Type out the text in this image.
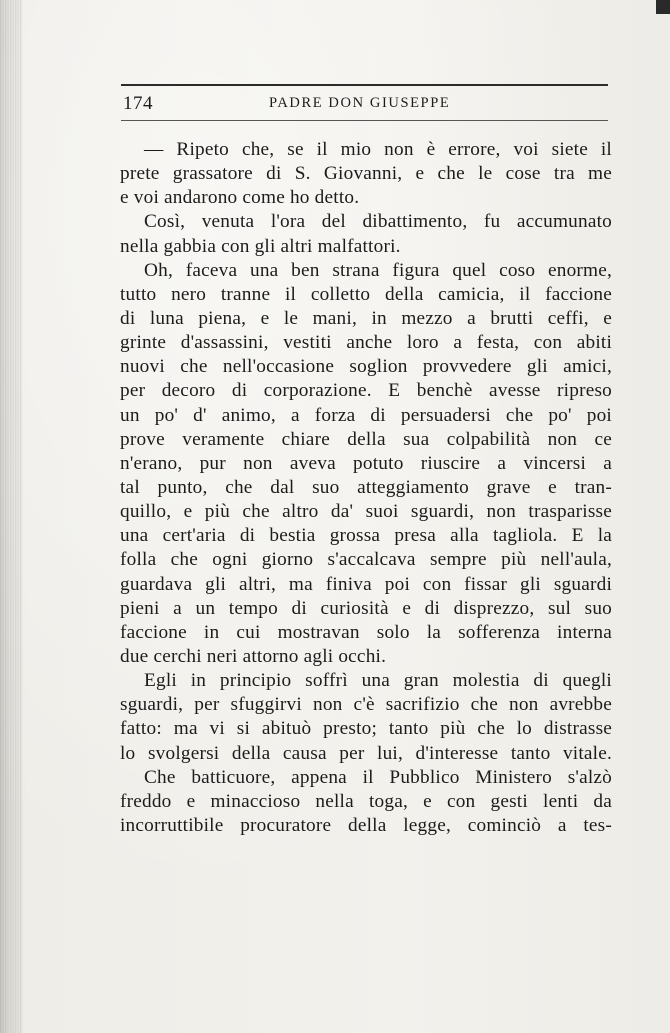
174	PADRE DON GIUSEPPE
— Ripeto che, se il mio non è errore, voi siete il
prete grassatore di S. Giovanni, e che le cose tra me
e voi andarono come ho detto.
Così, venuta l'ora del dibattimento, fu accumunato
nella gabbia con gli altri malfattori.
Oh, faceva una ben strana figura quel coso enorme,
tutto nero tranne il colletto della camicia, il faccione
di luna piena, e le mani, in mezzo a brutti ceffi, e
grinte d'assassini, vestiti anche loro a festa, con abiti
nuovi che nell'occasione soglion provvedere gli amici,
per decoro di corporazione. E benchè avesse ripreso
un po' d' animo, a forza di persuadersi che po' poi
prove veramente chiare della sua colpabilità non ce
n'erano, pur non aveva potuto riuscire a vincersi a
tal punto, che dal suo atteggiamento grave e tran-
quillo, e più che altro da' suoi sguardi, non trasparisse
una cert'aria di bestia grossa presa alla tagliola. E la
folla che ogni giorno s'accalcava sempre più nell'aula,
guardava gli altri, ma finiva poi con fissar gli sguardi
pieni a un tempo di curiosità e di disprezzo, sul suo
faccione in cui mostravan solo la sofferenza interna
due cerchi neri attorno agli occhi.
Egli in principio soffrì una gran molestia di quegli
sguardi, per sfuggirvi non c'è sacrifizio che non avrebbe
fatto: ma vi si abituò presto; tanto più che lo distrasse
lo svolgersi della causa per lui, d'interesse tanto vitale.
Che batticuore, appena il Pubblico Ministero s'alzò
freddo e minaccioso nella toga, e con gesti lenti da
incorruttibile procuratore della legge, cominciò a tes-
